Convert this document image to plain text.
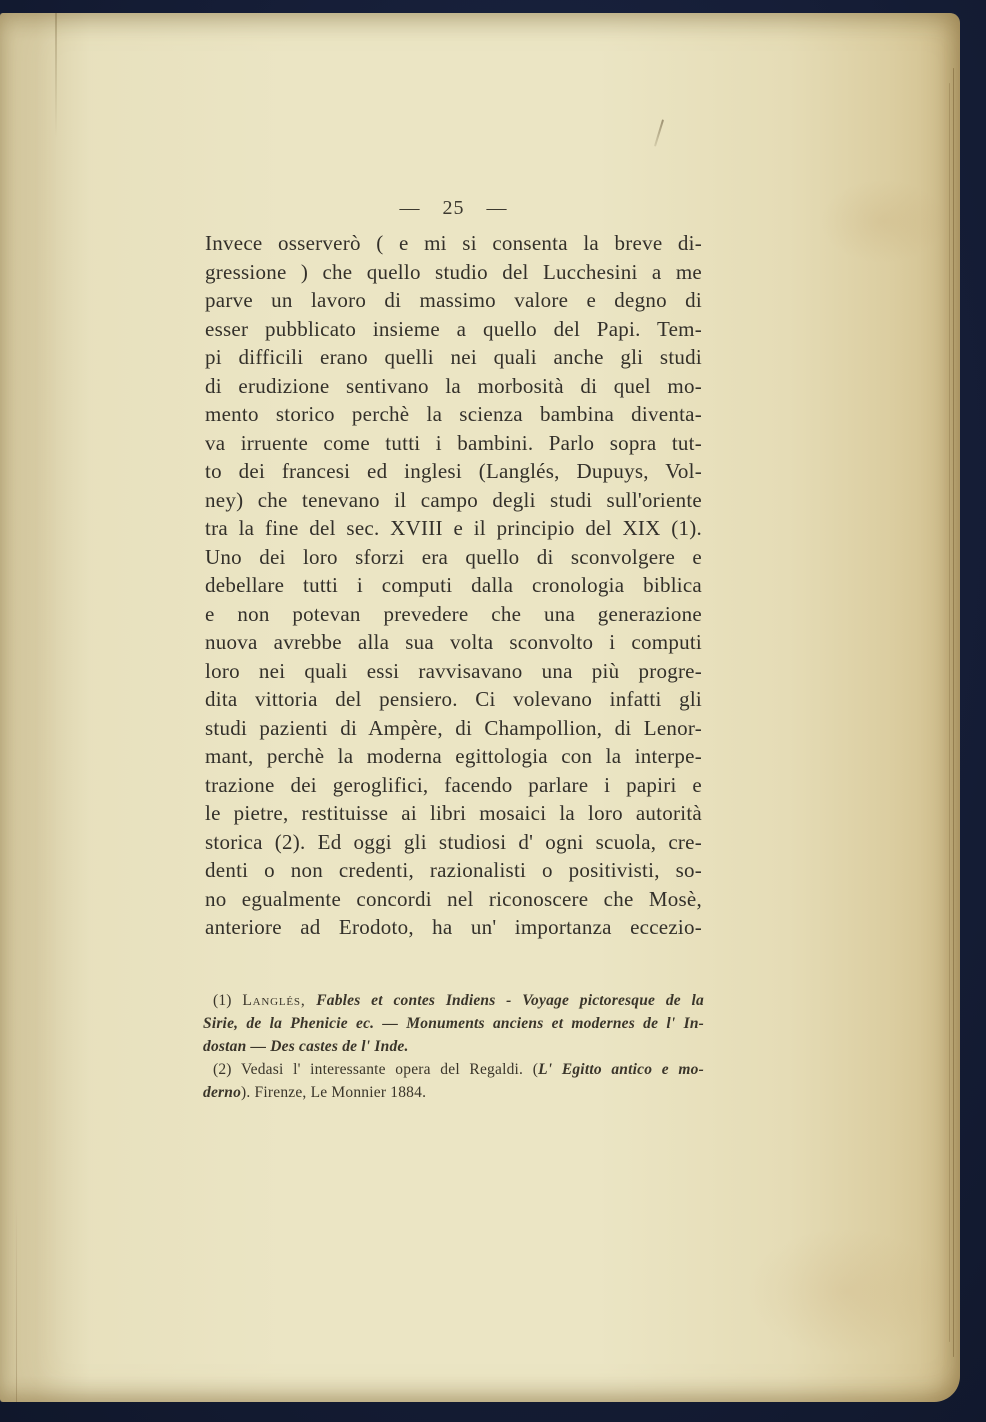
— 25 —
Invece osserverò ( e mi si consenta la breve di-
gressione ) che quello studio del Lucchesini a me
parve un lavoro di massimo valore e degno di
esser pubblicato insieme a quello del Papi. Tem-
pi difficili erano quelli nei quali anche gli studi
di erudizione sentivano la morbosità di quel mo-
mento storico perchè la scienza bambina diventa-
va irruente come tutti i bambini. Parlo sopra tut-
to dei francesi ed inglesi (Langlés, Dupuys, Vol-
ney) che tenevano il campo degli studi sull'oriente
tra la fine del sec. XVIII e il principio del XIX (1).
Uno dei loro sforzi era quello di sconvolgere e
debellare tutti i computi dalla cronologia biblica
e non potevan prevedere che una generazione
nuova avrebbe alla sua volta sconvolto i computi
loro nei quali essi ravvisavano una più progre-
dita vittoria del pensiero. Ci volevano infatti gli
studi pazienti di Ampère, di Champollion, di Lenor-
mant, perchè la moderna egittologia con la interpe-
trazione dei geroglifici, facendo parlare i papiri e
le pietre, restituisse ai libri mosaici la loro autorità
storica (2). Ed oggi gli studiosi d' ogni scuola, cre-
denti o non credenti, razionalisti o positivisti, so-
no egualmente concordi nel riconoscere che Mosè,
anteriore ad Erodoto, ha un' importanza eccezio-
(1) Langlés, Fables et contes Indiens - Voyage pictoresque de la
Sirie, de la Phenicie ec. — Monuments anciens et modernes de l' In-
dostan — Des castes de l' Inde.
(2) Vedasi l' interessante opera del Regaldi. (L' Egitto antico e mo-
derno). Firenze, Le Monnier 1884.
